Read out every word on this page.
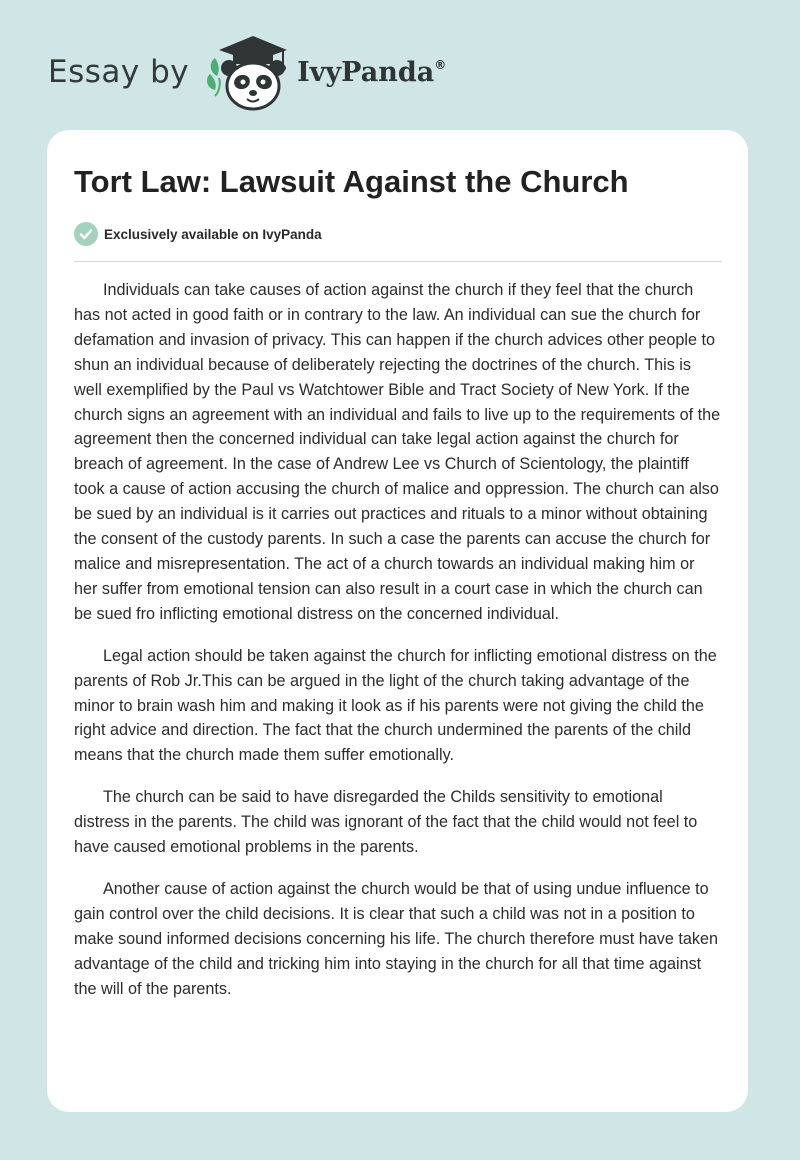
Essay by	IvyPanda®
Tort Law: Lawsuit Against the Church
Exclusively available on IvyPanda

Individuals can take causes of action against the church if they feel that the church has not acted in good faith or in contrary to the law. An individual can sue the church for defamation and invasion of privacy. This can happen if the church advices other people to shun an individual because of deliberately rejecting the doctrines of the church. This is well exemplified by the Paul vs Watchtower Bible and Tract Society of New York. If the church signs an agreement with an individual and fails to live up to the requirements of the agreement then the concerned individual can take legal action against the church for breach of agreement. In the case of Andrew Lee vs Church of Scientology, the plaintiff took a cause of action accusing the church of malice and oppression. The church can also be sued by an individual is it carries out practices and rituals to a minor without obtaining the consent of the custody parents. In such a case the parents can accuse the church for malice and misrepresentation. The act of a church towards an individual making him or her suffer from emotional tension can also result in a court case in which the church can be sued fro inflicting emotional distress on the concerned individual.

Legal action should be taken against the church for inflicting emotional distress on the parents of Rob Jr.This can be argued in the light of the church taking advantage of the minor to brain wash him and making it look as if his parents were not giving the child the right advice and direction. The fact that the church undermined the parents of the child means that the church made them suffer emotionally.

The church can be said to have disregarded the Childs sensitivity to emotional distress in the parents. The child was ignorant of the fact that the child would not feel to have caused emotional problems in the parents.

Another cause of action against the church would be that of using undue influence to gain control over the child decisions. It is clear that such a child was not in a position to make sound informed decisions concerning his life. The church therefore must have taken advantage of the child and tricking him into staying in the church for all that time against the will of the parents.
